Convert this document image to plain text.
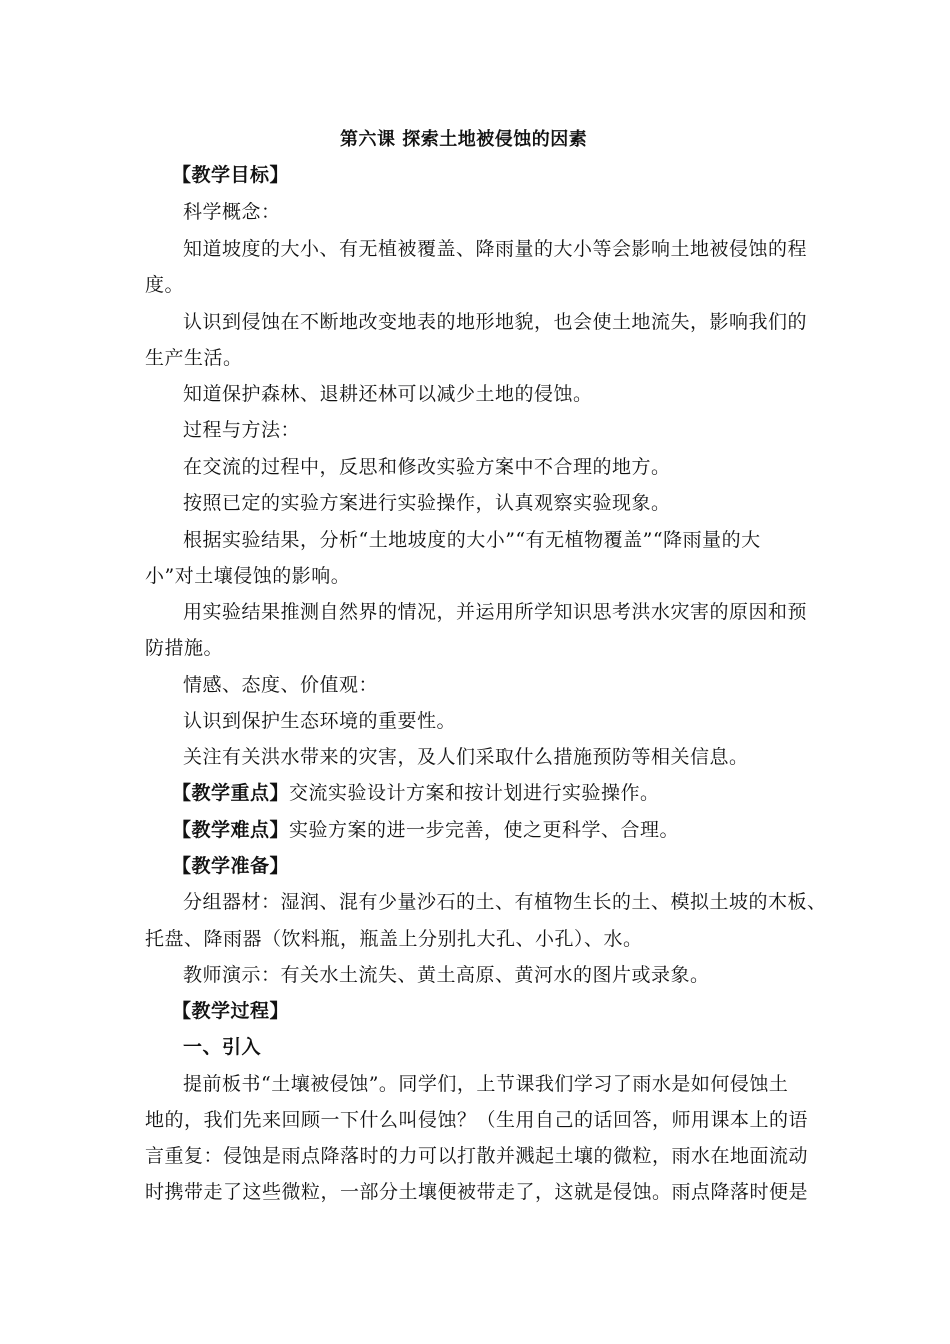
第六课 探索土地被侵蚀的因素
【教学目标】
科学概念：
知道坡度的大小、有无植被覆盖、降雨量的大小等会影响土地被侵蚀的程
度。
认识到侵蚀在不断地改变地表的地形地貌，也会使土地流失，影响我们的
生产生活。
知道保护森林、退耕还林可以减少土地的侵蚀。
过程与方法：
在交流的过程中，反思和修改实验方案中不合理的地方。
按照已定的实验方案进行实验操作，认真观察实验现象。
根据实验结果，分析“土地坡度的大小”“有无植物覆盖”“降雨量的大
小”对土壤侵蚀的影响。
用实验结果推测自然界的情况，并运用所学知识思考洪水灾害的原因和预
防措施。
情感、态度、价值观：
认识到保护生态环境的重要性。
关注有关洪水带来的灾害，及人们采取什么措施预防等相关信息。
【教学重点】交流实验设计方案和按计划进行实验操作。
【教学难点】实验方案的进一步完善，使之更科学、合理。
【教学准备】
分组器材：湿润、混有少量沙石的土、有植物生长的土、模拟土坡的木板、
托盘、降雨器（饮料瓶，瓶盖上分别扎大孔、小孔）、水。
教师演示：有关水土流失、黄土高原、黄河水的图片或录象。
【教学过程】
一、引入
提前板书“土壤被侵蚀”。同学们，上节课我们学习了雨水是如何侵蚀土
地的，我们先来回顾一下什么叫侵蚀？（生用自己的话回答，师用课本上的语
言重复：侵蚀是雨点降落时的力可以打散并溅起土壤的微粒，雨水在地面流动
时携带走了这些微粒，一部分土壤便被带走了，这就是侵蚀。雨点降落时便是
